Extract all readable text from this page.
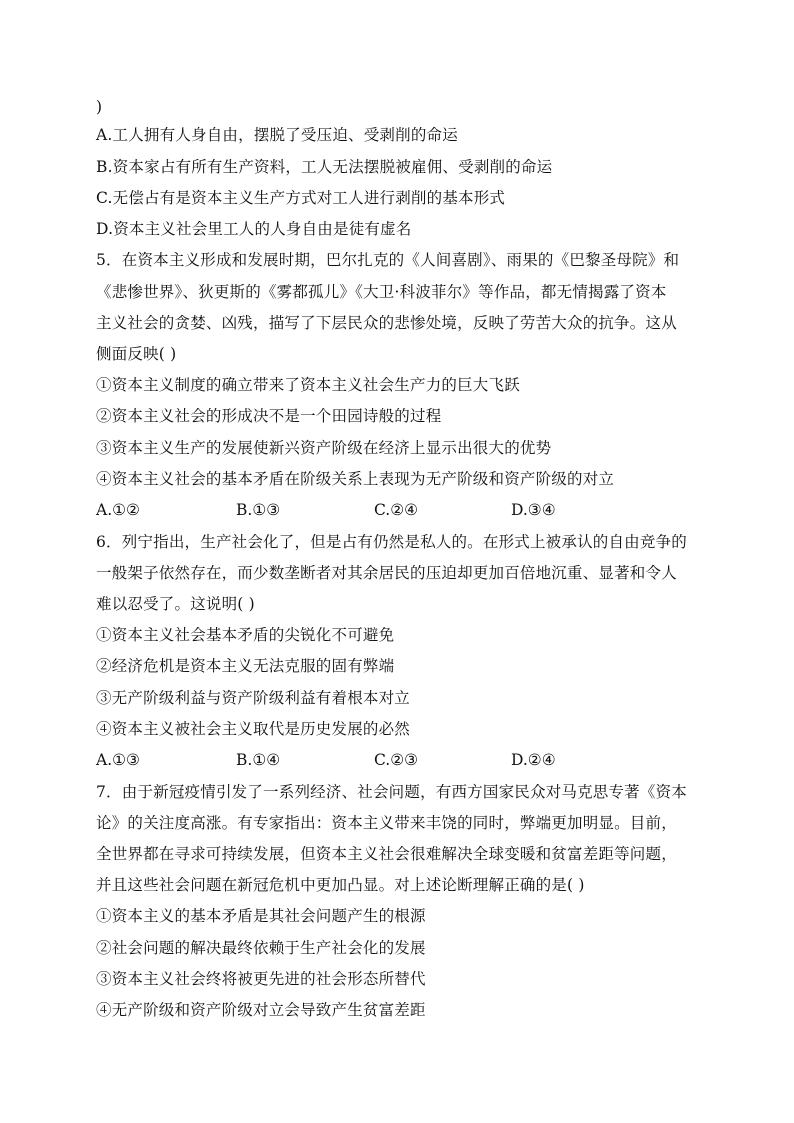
)
A.工人拥有人身自由，摆脱了受压迫、受剥削的命运
B.资本家占有所有生产资料，工人无法摆脱被雇佣、受剥削的命运
C.无偿占有是资本主义生产方式对工人进行剥削的基本形式
D.资本主义社会里工人的人身自由是徒有虚名
5．在资本主义形成和发展时期，巴尔扎克的《人间喜剧》、雨果的《巴黎圣母院》和
《悲惨世界》、狄更斯的《雾都孤儿》《大卫·科波菲尔》等作品，都无情揭露了资本
主义社会的贪婪、凶残，描写了下层民众的悲惨处境，反映了劳苦大众的抗争。这从
侧面反映( )
①资本主义制度的确立带来了资本主义社会生产力的巨大飞跃
②资本主义社会的形成决不是一个田园诗般的过程
③资本主义生产的发展使新兴资产阶级在经济上显示出很大的优势
④资本主义社会的基本矛盾在阶级关系上表现为无产阶级和资产阶级的对立
A.①②	B.①③	C.②④	D.③④
6．列宁指出，生产社会化了，但是占有仍然是私人的。在形式上被承认的自由竞争的
一般架子依然存在，而少数垄断者对其余居民的压迫却更加百倍地沉重、显著和令人
难以忍受了。这说明( )
①资本主义社会基本矛盾的尖锐化不可避免
②经济危机是资本主义无法克服的固有弊端
③无产阶级利益与资产阶级利益有着根本对立
④资本主义被社会主义取代是历史发展的必然
A.①③	B.①④	C.②③	D.②④
7．由于新冠疫情引发了一系列经济、社会问题，有西方国家民众对马克思专著《资本
论》的关注度高涨。有专家指出：资本主义带来丰饶的同时，弊端更加明显。目前，
全世界都在寻求可持续发展，但资本主义社会很难解决全球变暖和贫富差距等问题，
并且这些社会问题在新冠危机中更加凸显。对上述论断理解正确的是( )
①资本主义的基本矛盾是其社会问题产生的根源
②社会问题的解决最终依赖于生产社会化的发展
③资本主义社会终将被更先进的社会形态所替代
④无产阶级和资产阶级对立会导致产生贫富差距
